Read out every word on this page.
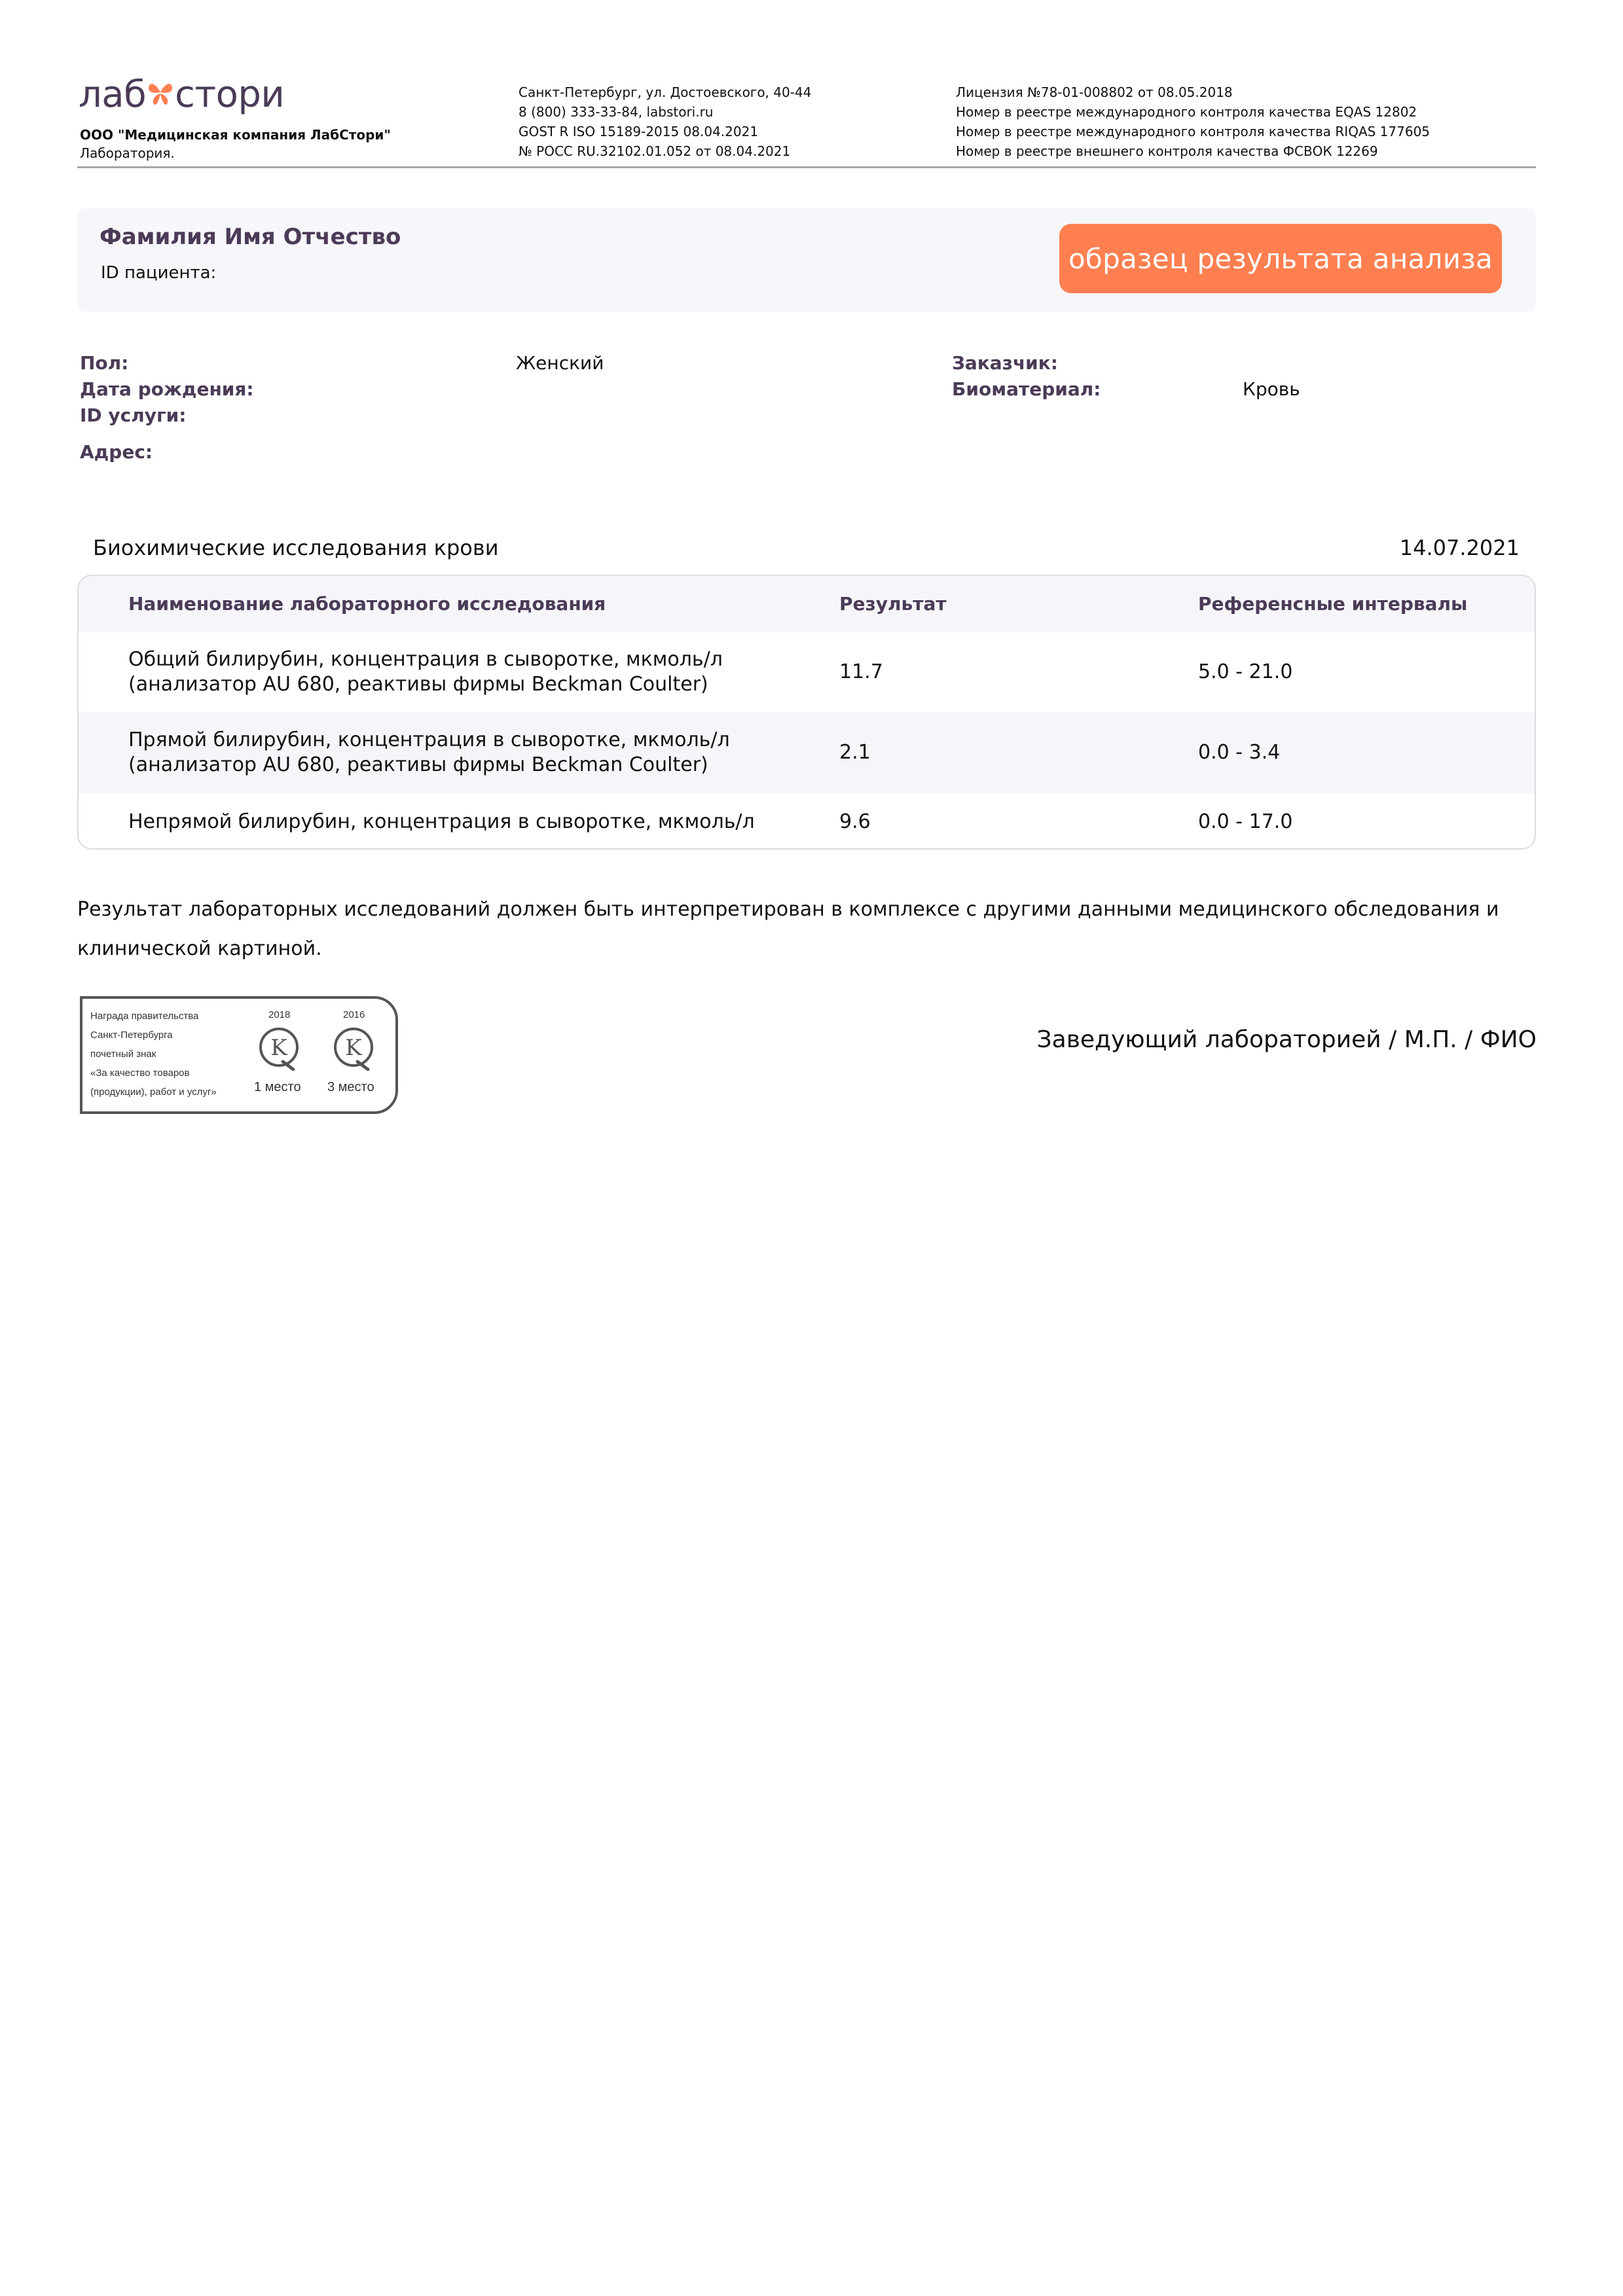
лаб стори
ООО "Медицинская компания ЛабСтори"
Лаборатория.
Санкт-Петербург, ул. Достоевского, 40-44
8 (800) 333-33-84, labstori.ru
GOST R ISO 15189-2015 08.04.2021
№ РОСС RU.32102.01.052 от 08.04.2021
Лицензия №78-01-008802 от 08.05.2018
Номер в реестре международного контроля качества EQAS 12802
Номер в реестре международного контроля качества RIQAS 177605
Номер в реестре внешнего контроля качества ФСВОК 12269
Фамилия Имя Отчество
ID пациента:	образец результата анализа
Пол:	Женский
Дата рождения:
ID услуги:
Адрес:
Заказчик:
Биоматериал:	Кровь
Биохимические исследования крови	14.07.2021
Наименование лабораторного исследования	Результат	Референсные интервалы
Общий билирубин, концентрация в сыворотке, мкмоль/л
(анализатор AU 680, реактивы фирмы Beckman Coulter)
11.7	5.0 - 21.0
Прямой билирубин, концентрация в сыворотке, мкмоль/л
(анализатор AU 680, реактивы фирмы Beckman Coulter)
2.1	0.0 - 3.4
Непрямой билирубин, концентрация в сыворотке, мкмоль/л	9.6	0.0 - 17.0
Результат лабораторных исследований должен быть интерпретирован в комплексе с другими данными медицинского обследования и клинической картиной.
Награда правительства
Санкт-Петербурга
почетный знак
«За качество товаров
(продукции), работ и услуг»
2018	2016
K	K
1 место 3 место
Заведующий лабораторией / М.П. / ФИО
